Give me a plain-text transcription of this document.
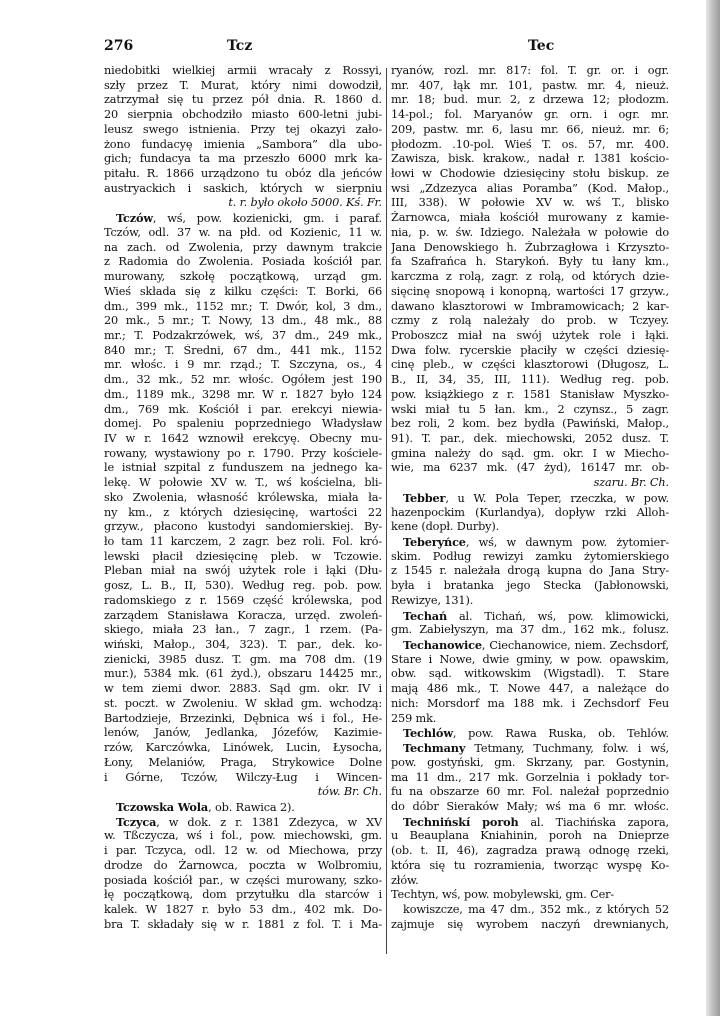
276	Tcz	Tec
niedobitki wielkiej armii wracały z Rossyi,
szły przez T. Murat, który nimi dowodził,
zatrzymał się tu przez pół dnia. R. 1860 d.
20 sierpnia obchodziło miasto 600-letni jubi-
leusz swego istnienia. Przy tej okazyi zało-
żono fundacyę imienia „Sambora” dla ubo-
gich; fundacya ta ma przeszło 6000 mrk ka-
pitału. R. 1866 urządzono tu obóz dla jeńców
austryackich i saskich, których w sierpniu
t. r. było około 5000. Kś. Fr.
Tczów, wś, pow. kozienicki, gm. i paraf.
Tczów, odl. 37 w. na płd. od Kozienic, 11 w.
na zach. od Zwolenia, przy dawnym trakcie
z Radomia do Zwolenia. Posiada kościół par.
murowany, szkołę początkową, urząd gm.
Wieś składa się z kilku części: T. Borki, 66
dm., 399 mk., 1152 mr.; T. Dwór, kol, 3 dm.,
20 mk., 5 mr.; T. Nowy, 13 dm., 48 mk., 88
mr.; T. Podzakrzówek, wś, 37 dm., 249 mk.,
840 mr.; T. Średni, 67 dm., 441 mk., 1152
mr. włośc. i 9 mr. rząd.; T. Szczyna, os., 4
dm., 32 mk., 52 mr. włośc. Ogółem jest 190
dm., 1189 mk., 3298 mr. W r. 1827 było 124
dm., 769 mk. Kościół i par. erekcyi niewia-
domej. Po spaleniu poprzedniego Władysław
IV w r. 1642 wznowił erekcyę. Obecny mu-
rowany, wystawiony po r. 1790. Przy kościele-
le istniał szpital z funduszem na jednego ka-
lekę. W połowie XV w. T., wś kościelna, bli-
sko Zwolenia, własność królewska, miała ła-
ny km., z których dziesięcinę, wartości 22
grzyw., płacono kustodyi sandomierskiej. By-
ło tam 11 karczem, 2 zagr. bez roli. Fol. kró-
lewski płacił dziesięcinę pleb. w Tczowie.
Pleban miał na swój użytek role i łąki (Dłu-
gosz, L. B., II, 530). Według reg. pob. pow.
radomskiego z r. 1569 część królewska, pod
zarządem Stanisława Koracza, urzęd. zwoleń-
skiego, miała 23 łan., 7 zagr., 1 rzem. (Pa-
wiński, Małop., 304, 323). T. par., dek. ko-
zienicki, 3985 dusz. T. gm. ma 708 dm. (19
mur.), 5384 mk. (61 żyd.), obszaru 14425 mr.,
w tem ziemi dwor. 2883. Sąd gm. okr. IV i
st. poczt. w Zwoleniu. W skład gm. wchodzą:
Bartodzieje, Brzezinki, Dębnica wś i fol., He-
lenów, Janów, Jedlanka, Józefów, Kazimie-
rzów, Karczówka, Linówek, Lucin, Łysocha,
Łony, Melaniów, Praga, Strykowice Dolne
i Górne, Tczów, Wilczy-Ług i Wincen-
tów. Br. Ch.
Tczowska Wola, ob. Rawica 2).
Tczyca, w dok. z r. 1381 Zdezyca, w XV
w. Tßczycza, wś i fol., pow. miechowski, gm.
i par. Tczyca, odl. 12 w. od Miechowa, przy
drodze do Żarnowca, poczta w Wolbromiu,
posiada kościół par., w części murowany, szko-
łę początkową, dom przytułku dla starców i
kalek. W 1827 r. było 53 dm., 402 mk. Do-
bra T. składały się w r. 1881 z fol. T. i Ma-
ryanów, rozl. mr. 817: fol. T. gr. or. i ogr.
mr. 407, łąk mr. 101, pastw. mr. 4, nieuż.
mr. 18; bud. mur. 2, z drzewa 12; płodozm.
14-pol.; fol. Maryanów gr. orn. i ogr. mr.
209, pastw. mr. 6, lasu mr. 66, nieuż. mr. 6;
płodozm. .10-pol. Wieś T. os. 57, mr. 400.
Zawisza, bisk. krakow., nadał r. 1381 kościo-
łowi w Chodowie dziesięciny stołu biskup. ze
wsi „Zdzezyca alias Poramba” (Kod. Małop.,
III, 338). W połowie XV w. wś T., blisko
Żarnowca, miała kościół murowany z kamie-
nia, p. w. św. Idziego. Należała w połowie do
Jana Denowskiego h. Żubrzagłowa i Krzyszto-
fa Szafrańca h. Starykoń. Były tu łany km.,
karczma z rolą, zagr. z rolą, od których dzie-
sięcinę snopową i konopną, wartości 17 grzyw.,
dawano klasztorowi w Imbramowicach; 2 kar-
czmy z rolą należały do prob. w Tczyey.
Proboszcz miał na swój użytek role i łąki.
Dwa folw. rycerskie płaciły w części dziesię-
cinę pleb., w części klasztorowi (Długosz, L.
B., II, 34, 35, III, 111). Według reg. pob.
pow. książkiego z r. 1581 Stanisław Myszko-
wski miał tu 5 łan. km., 2 czynsz., 5 zagr.
bez roli, 2 kom. bez bydła (Pawiński, Małop.,
91). T. par., dek. miechowski, 2052 dusz. T.
gmina należy do sąd. gm. okr. I w Miecho-
wie, ma 6237 mk. (47 żyd), 16147 mr. ob-
szaru. Br. Ch.
Tebber, u W. Pola Teper, rzeczka, w pow.
hazenpockim (Kurlandya), dopływ rzki Alloh-
kene (dopł. Durby).
Teberyńce, wś, w dawnym pow. żytomier-
skim. Podług rewizyi zamku żytomierskiego
z 1545 r. należała drogą kupna do Jana Stry-
była i bratanka jego Stecka (Jabłonowski,
Rewizye, 131).
Techań al. Tichań, wś, pow. klimowicki,
gm. Zabiełyszyn, ma 37 dm., 162 mk., folusz.
Techanowice, Ciechanowice, niem. Zechsdorf,
Stare i Nowe, dwie gminy, w pow. opawskim,
obw. sąd. witkowskim (Wigstadl). T. Stare
mają 486 mk., T. Nowe 447, a należące do
nich: Morsdorf ma 188 mk. i Zechsdorf Feu
259 mk.
Techlów, pow. Rawa Ruska, ob. Tehlów.
Techmany Tetmany, Tuchmany, folw. i wś,
pow. gostyński, gm. Skrzany, par. Gostynin,
ma 11 dm., 217 mk. Gorzelnia i pokłady tor-
fu na obszarze 60 mr. Fol. należał poprzednio
do dóbr Sieraków Mały; wś ma 6 mr. włośc.
Technińskí poroh al. Tiachińska zapora,
u Beauplana Kniahinin, poroh na Dnieprze
(ob. t. II, 46), zagradza prawą odnogę rzeki,
która się tu rozramienia, tworząc wyspę Ko-
złów.
Techtyn, wś, pow. mobylewski, gm. Cer-
kowiszcze, ma 47 dm., 352 mk., z których 52
zajmuje się wyrobem naczyń drewnianych,
